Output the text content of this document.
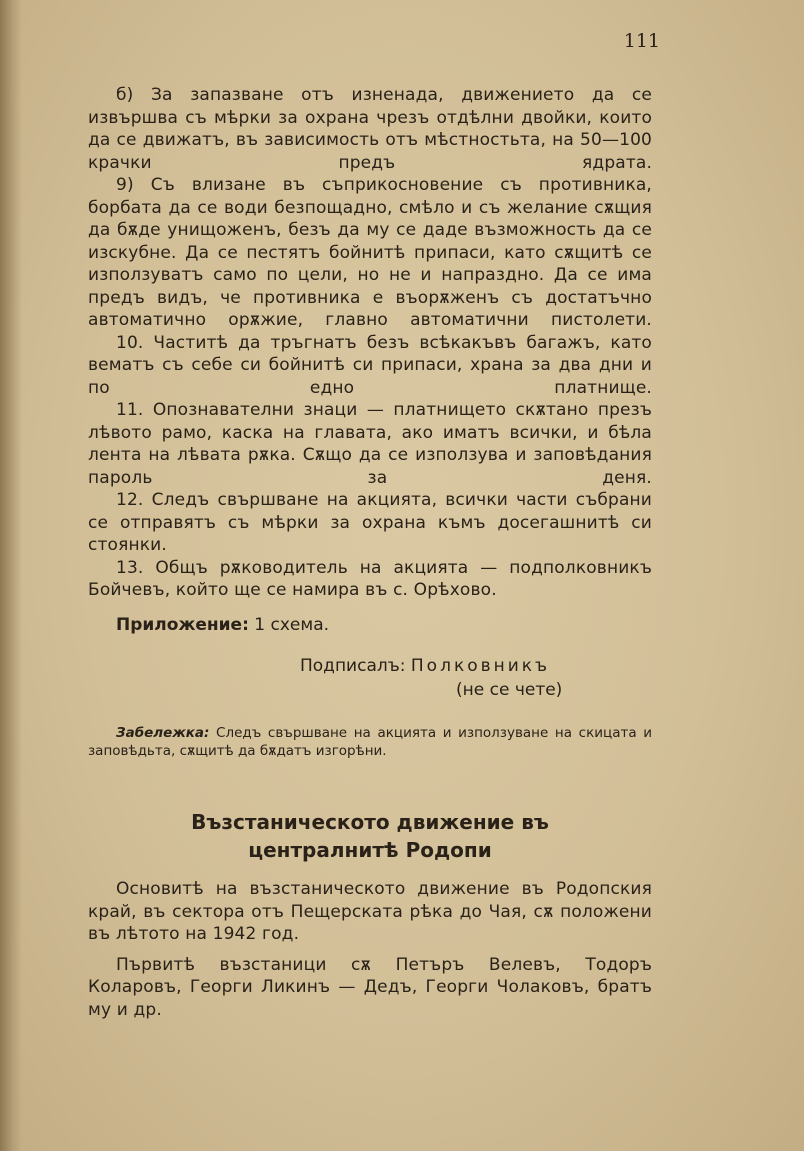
111

б) За запазване отъ изненада, движението да се извършва съ мѣрки за охрана чрезъ отдѣлни двойки, които да се движатъ, въ зависимость отъ мѣстностьта, на 50—100 крачки предъ ядрата.

9) Съ влизане въ съприкосновение съ противника, борбата да се води безпощадно, смѣло и съ желание сѫщия да бѫде унищоженъ, безъ да му се даде възможность да се изскубне. Да се пестятъ бойнитѣ припаси, като сѫщитѣ се използуватъ само по цели, но не и напраздно. Да се има предъ видъ, че противника е въорѫженъ съ достатъчно автоматично орѫжие, главно автоматични пистолети.

10. Частитѣ да тръгнатъ безъ всѣкакъвъ багажъ, като вематъ съ себе си бойнитѣ си припаси, храна за два дни и по едно платнище.

11. Опознавателни знаци — платнището скѫтано презъ лѣвото рамо, каска на главата, ако иматъ всички, и бѣла лента на лѣвата рѫка. Сѫщо да се използува и заповѣдания пароль за деня.

12. Следъ свършване на акцията, всички части събрани се отправятъ съ мѣрки за охрана къмъ досегашнитѣ си стоянки.

13. Общъ рѫководитель на акцията — подполковникъ Бойчевъ, който ще се намира въ с. Орѣхово.

Приложение: 1 схема.

Подписалъ: Полковникъ
(не се чете)

Забележка: Следъ свършване на акцията и използуване на скицата и заповѣдьта, сѫщитѣ да бѫдатъ изгорѣни.

Възстаническото движение въ
централнитѣ Родопи

Основитѣ на възстаническото движение въ Родопския край, въ сектора отъ Пещерската рѣка до Чая, сѫ положени въ лѣтото на 1942 год.

Първитѣ възстаници сѫ Петъръ Велевъ, Тодоръ Коларовъ, Георги Ликинъ — Дедъ, Георги Чолаковъ, братъ му и др.
